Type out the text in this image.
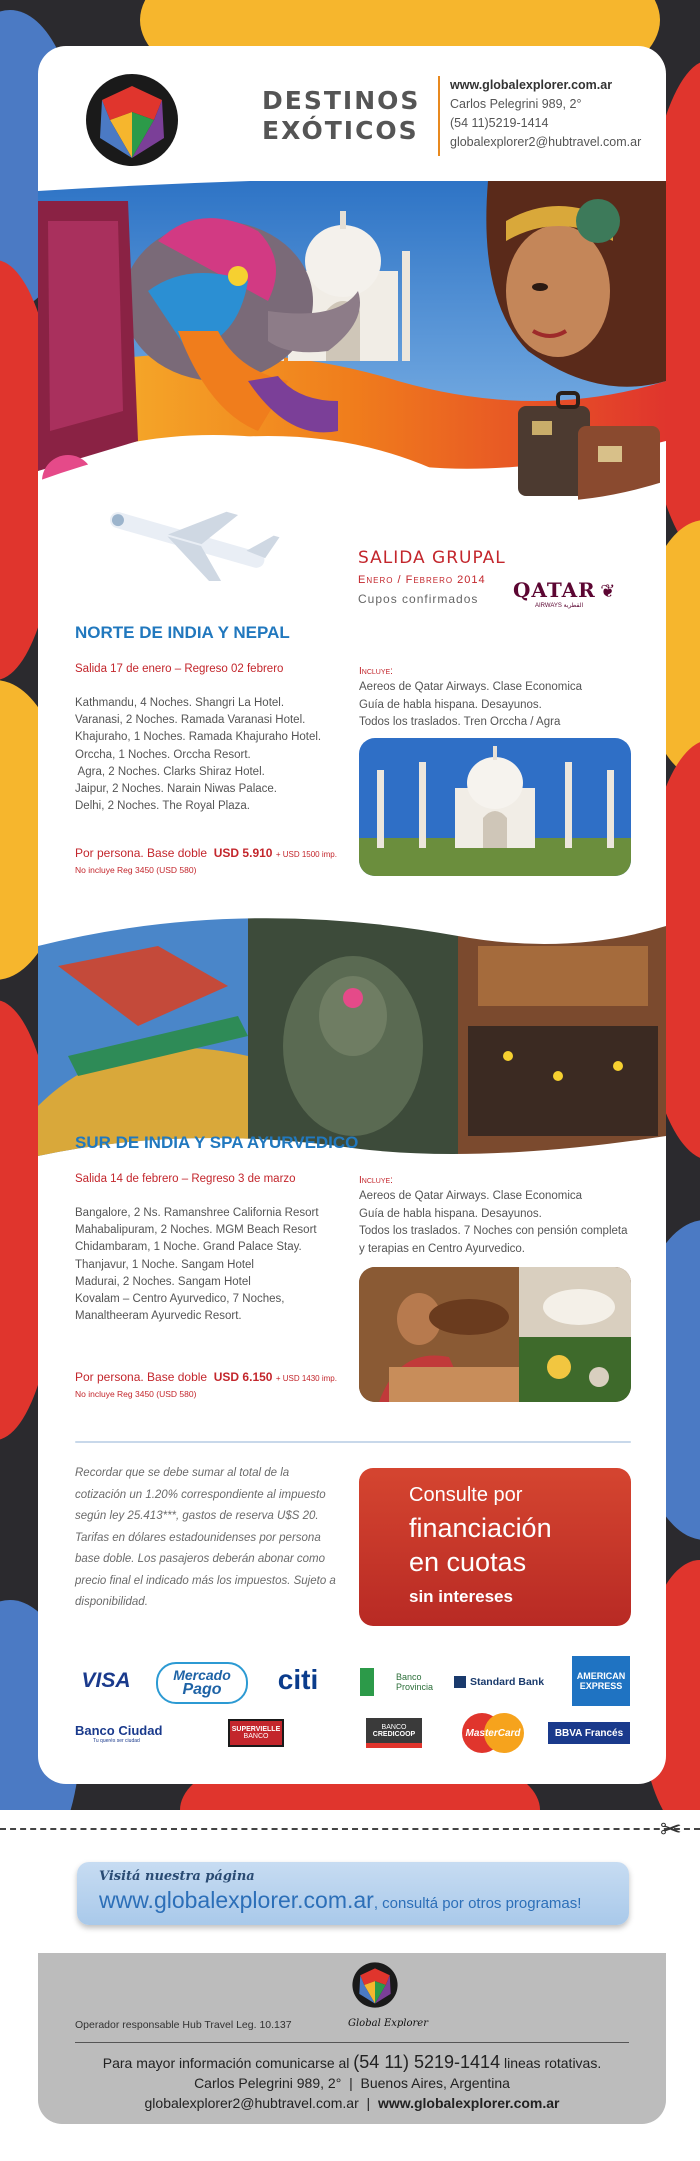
DESTINOS
EXÓTICOS
www.globalexplorer.com.ar
Carlos Pelegrini 989, 2°
(54 11)5219-1414
globalexplorer2@hubtravel.com.ar
SALIDA GRUPAL
Enero / Febrero 2014
Cupos confirmados	QATAR ❦
AIRWAYS القطرية
NORTE DE INDIA Y NEPAL
Salida 17 de enero – Regreso 02 febrero
Kathmandu, 4 Noches. Shangri La Hotel.
Varanasi, 2 Noches. Ramada Varanasi Hotel.
Khajuraho, 1 Noches. Ramada Khajuraho Hotel.
Orccha, 1 Noches. Orccha Resort.
Agra, 2 Noches. Clarks Shiraz Hotel.
Jaipur, 2 Noches. Narain Niwas Palace.
Delhi, 2 Noches. The Royal Plaza.
Por persona. Base doble USD 5.910 + USD 1500 imp.
No incluye Reg 3450 (USD 580)
Incluye:
Aereos de Qatar Airways. Clase Economica
Guía de habla hispana. Desayunos.
Todos los traslados. Tren Orccha / Agra
SUR DE INDIA Y SPA AYURVEDICO
Salida 14 de febrero – Regreso 3 de marzo
Bangalore, 2 Ns. Ramanshree California Resort
Mahabalipuram, 2 Noches. MGM Beach Resort
Chidambaram, 1 Noche. Grand Palace Stay.
Thanjavur, 1 Noche. Sangam Hotel
Madurai, 2 Noches. Sangam Hotel
Kovalam – Centro Ayurvedico, 7 Noches,
Manaltheeram Ayurvedic Resort.
Por persona. Base doble USD 6.150 + USD 1430 imp.
No incluye Reg 3450 (USD 580)
Incluye:
Aereos de Qatar Airways. Clase Economica
Guía de habla hispana. Desayunos.
Todos los traslados. 7 Noches con pensión completa
y terapias en Centro Ayurvedico.
Recordar que se debe sumar al total de la cotización un 1.20% correspondiente al impuesto según ley 25.413***, gastos de reserva U$S 20. Tarifas en dólares estadounidenses por persona base doble. Los pasajeros deberán abonar como precio final el indicado más los impuestos. Sujeto a disponibilidad.
Consulte por
financiación
en cuotas
sin intereses
VISA	Mercado
Pago	citi	Banco
Provincia	Standard Bank	AMERICAN
EXPRESS
Banco Ciudad
Tu querés ser ciudad
SUPERVIELLE
BANCO
BANCO
CREDICOOP	MasterCard	BBVA Francés
✂
Visitá nuestra página
www.globalexplorer.com.ar, consultá por otros programas!
Global Explorer
Operador responsable Hub Travel Leg. 10.137
Para mayor información comunicarse al (54 11) 5219-1414 lineas rotativas.
Carlos Pelegrini 989, 2° | Buenos Aires, Argentina
globalexplorer2@hubtravel.com.ar | www.globalexplorer.com.ar
